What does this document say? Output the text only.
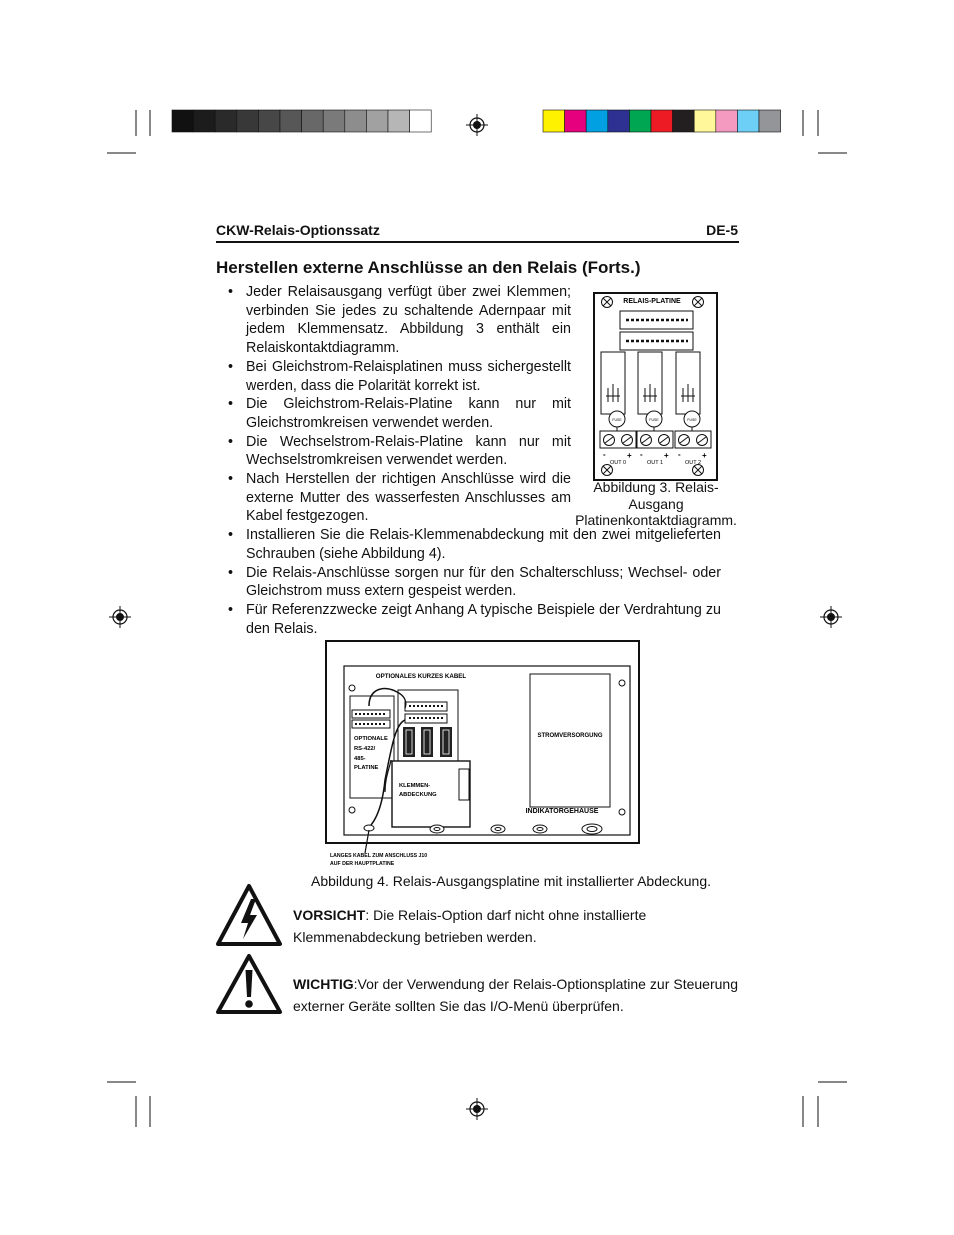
CKW-Relais-Optionssatz	DE-5
Herstellen externe Anschlüsse an den Relais (Forts.)
• Jeder Relaisausgang verfügt über zwei Klemmen; verbinden Sie jedes zu schaltende Adernpaar mit jedem Klemmensatz. Abbildung 3 enthält ein Relaiskontaktdiagramm.
• Bei Gleichstrom-Relaisplatinen muss sichergestellt werden, dass die Polarität korrekt ist.
• Die Gleichstrom-Relais-Platine kann nur mit Gleichstromkreisen verwendet werden.
• Die Wechselstrom-Relais-Platine kann nur mit Wechselstromkreisen verwendet werden.
• Nach Herstellen der richtigen Anschlüsse wird die externe Mutter des wasserfesten Anschlusses am Kabel festgezogen.
• Installieren Sie die Relais-Klemmenabdeckung mit den zwei mitgelieferten Schrauben (siehe Abbildung 4).
• Die Relais-Anschlüsse sorgen nur für den Schalterschluss; Wechsel- oder Gleichstrom muss extern gespeist werden.
• Für Referenzzwecke zeigt Anhang A typische Beispiele der Verdrahtung zu den Relais.
RELAIS-PLATINE
FUSE
-	+
OUT 0
FUSE
-	+
OUT 1
FUSE
-	+
OUT 2
Abbildung 3. Relais-Ausgang Platinenkontaktdiagramm.
STROMVERSORGUNG
INDIKATORGEHÄUSE
OPTIONALES KURZES KABEL
OPTIONALE RS-422/ 485- PLATINE
KLEMMEN- ABDECKUNG
LANGES KABEL ZUM ANSCHLUSS J10 AUF DER HAUPTPLATINE
Abbildung 4. Relais-Ausgangsplatine mit installierter Abdeckung.
VORSICHT: Die Relais-Option darf nicht ohne installierte Klemmenabdeckung betrieben werden.
WICHTIG:Vor der Verwendung der Relais-Optionsplatine zur Steuerung externer Geräte sollten Sie das I/O-Menü überprüfen.
